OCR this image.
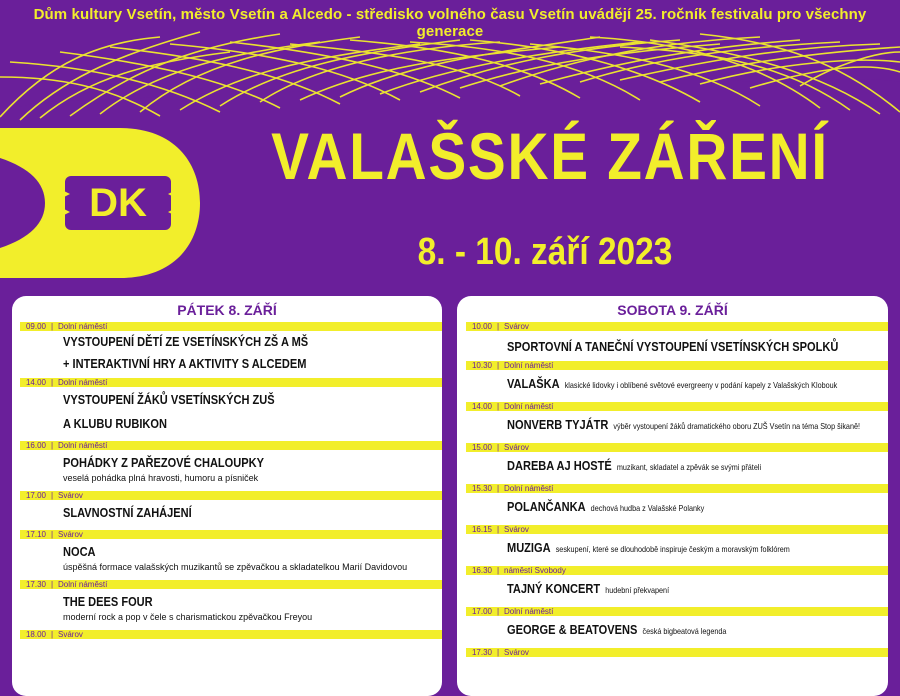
Dům kultury Vsetín, město Vsetín a Alcedo - středisko volného času Vsetín uvádějí 25. ročník festivalu pro všechny generace
DK
VALAŠSKÉ ZÁŘENÍ
8. - 10. září 2023
PÁTEK 8. ZÁŘÍ
09.00 | Dolní náměstí
VYSTOUPENÍ DĚTÍ ZE VSETÍNSKÝCH ZŠ A MŠ
+ INTERAKTIVNÍ HRY A AKTIVITY S ALCEDEM
14.00 | Dolní náměstí
VYSTOUPENÍ ŽÁKŮ VSETÍNSKÝCH ZUŠ
A KLUBU RUBIKON
16.00 | Dolní náměstí
POHÁDKY Z PAŘEZOVÉ CHALOUPKY
veselá pohádka plná hravosti, humoru a písniček
17.00 | Svárov
SLAVNOSTNÍ ZAHÁJENÍ
17.10 | Svárov
NOCA
úspěšná formace valašských muzikantů se zpěvačkou a skladatelkou Marií Davidovou
17.30 | Dolní náměstí
THE DEES FOUR
moderní rock a pop v čele s charismatickou zpěvačkou Freyou
18.00 | Svárov
SOBOTA 9. ZÁŘÍ
10.00 | Svárov
SPORTOVNÍ A TANEČNÍ VYSTOUPENÍ VSETÍNSKÝCH SPOLKŮ
10.30 | Dolní náměstí
VALAŠKA klasické lidovky i oblíbené světové evergreeny v podání kapely z Valašských Klobouk
14.00 | Dolní náměstí
NONVERB TYJÁTR výběr vystoupení žáků dramatického oboru ZUŠ Vsetín na téma Stop šikaně!
15.00 | Svárov
DAREBA AJ HOSTÉ muzikant, skladatel a zpěvák se svými přáteli
15.30 | Dolní náměstí
POLANČANKA dechová hudba z Valašské Polanky
16.15 | Svárov
MUZIGA seskupení, které se dlouhodobě inspiruje českým a moravským folklórem
16.30 | náměstí Svobody
TAJNÝ KONCERT hudební překvapení
17.00 | Dolní náměstí
GEORGE & BEATOVENS česká bigbeatová legenda
17.30 | Svárov
